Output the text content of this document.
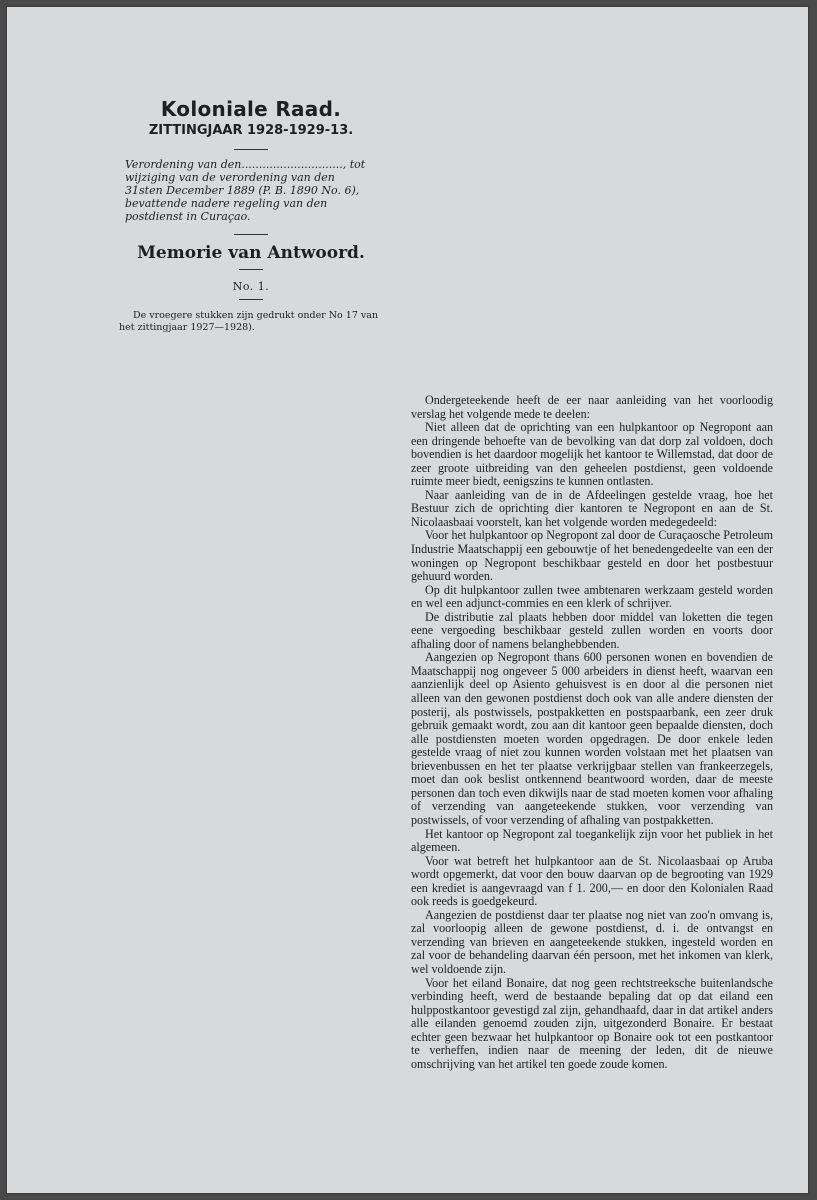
Koloniale Raad.

ZITTINGJAAR 1928-1929-13.

Verordening van den............................., tot wijziging van de verordening van den 31sten December 1889 (P. B. 1890 No. 6), bevattende nadere regeling van den postdienst in Curaçao.

Memorie van Antwoord.

No. 1.

De vroegere stukken zijn gedrukt onder No 17 van het zittingjaar 1927—1928).

Ondergeteekende heeft de eer naar aanleiding van het voorloodig verslag het volgende mede te deelen:

Niet alleen dat de oprichting van een hulpkantoor op Negropont aan een dringende behoefte van de bevolking van dat dorp zal voldoen, doch bovendien is het daardoor mogelijk het kantoor te Willemstad, dat door de zeer groote uitbreiding van den geheelen postdienst, geen voldoende ruimte meer biedt, eenigszins te kunnen ontlasten.

Naar aanleiding van de in de Afdeelingen gestelde vraag, hoe het Bestuur zich de oprichting dier kantoren te Negropont en aan de St. Nicolaasbaai voorstelt, kan het volgende worden medegedeeld:

Voor het hulpkantoor op Negropont zal door de Curaçaosche Petroleum Industrie Maatschappij een gebouwtje of het benedengedeelte van een der woningen op Negropont beschikbaar gesteld en door het postbestuur gehuurd worden.

Op dit hulpkantoor zullen twee ambtenaren werkzaam gesteld worden en wel een adjunct-commies en een klerk of schrijver.

De distributie zal plaats hebben door middel van loketten die tegen eene vergoeding beschikbaar gesteld zullen worden en voorts door afhaling door of namens belanghebbenden.

Aangezien op Negropont thans 600 personen wonen en bovendien de Maatschappij nog ongeveer 5 000 arbeiders in dienst heeft, waarvan een aanzienlijk deel op Asiento gehuisvest is en door al die personen niet alleen van den gewonen postdienst doch ook van alle andere diensten der posterij, als postwissels, postpakketten en postspaarbank, een zeer druk gebruik gemaakt wordt, zou aan dit kantoor geen bepaalde diensten, doch alle postdiensten moeten worden opgedragen. De door enkele leden gestelde vraag of niet zou kunnen worden volstaan met het plaatsen van brievenbussen en het ter plaatse verkrijgbaar stellen van frankeerzegels, moet dan ook beslist ontkennend beantwoord worden, daar de meeste personen dan toch even dikwijls naar de stad moeten komen voor afhaling of verzending van aangeteekende stukken, voor verzending van postwissels, of voor verzending of afhaling van postpakketten.

Het kantoor op Negropont zal toegankelijk zijn voor het publiek in het algemeen.

Voor wat betreft het hulpkantoor aan de St. Nicolaasbaai op Aruba wordt opgemerkt, dat voor den bouw daarvan op de begrooting van 1929 een krediet is aangevraagd van f 1. 200,— en door den Kolonialen Raad ook reeds is goedgekeurd.

Aangezien de postdienst daar ter plaatse nog niet van zoo'n omvang is, zal voorloopig alleen de gewone postdienst, d. i. de ontvangst en verzending van brieven en aangeteekende stukken, ingesteld worden en zal voor de behandeling daarvan één persoon, met het inkomen van klerk, wel voldoende zijn.

Voor het eiland Bonaire, dat nog geen rechtstreeksche buitenlandsche verbinding heeft, werd de bestaande bepaling dat op dat eiland een hulppostkantoor gevestigd zal zijn, gehandhaafd, daar in dat artikel anders alle eilanden genoemd zouden zijn, uitgezonderd Bonaire. Er bestaat echter geen bezwaar het hulpkantoor op Bonaire ook tot een postkantoor te verheffen, indien naar de meening der leden, dit de nieuwe omschrijving van het artikel ten goede zoude komen.
